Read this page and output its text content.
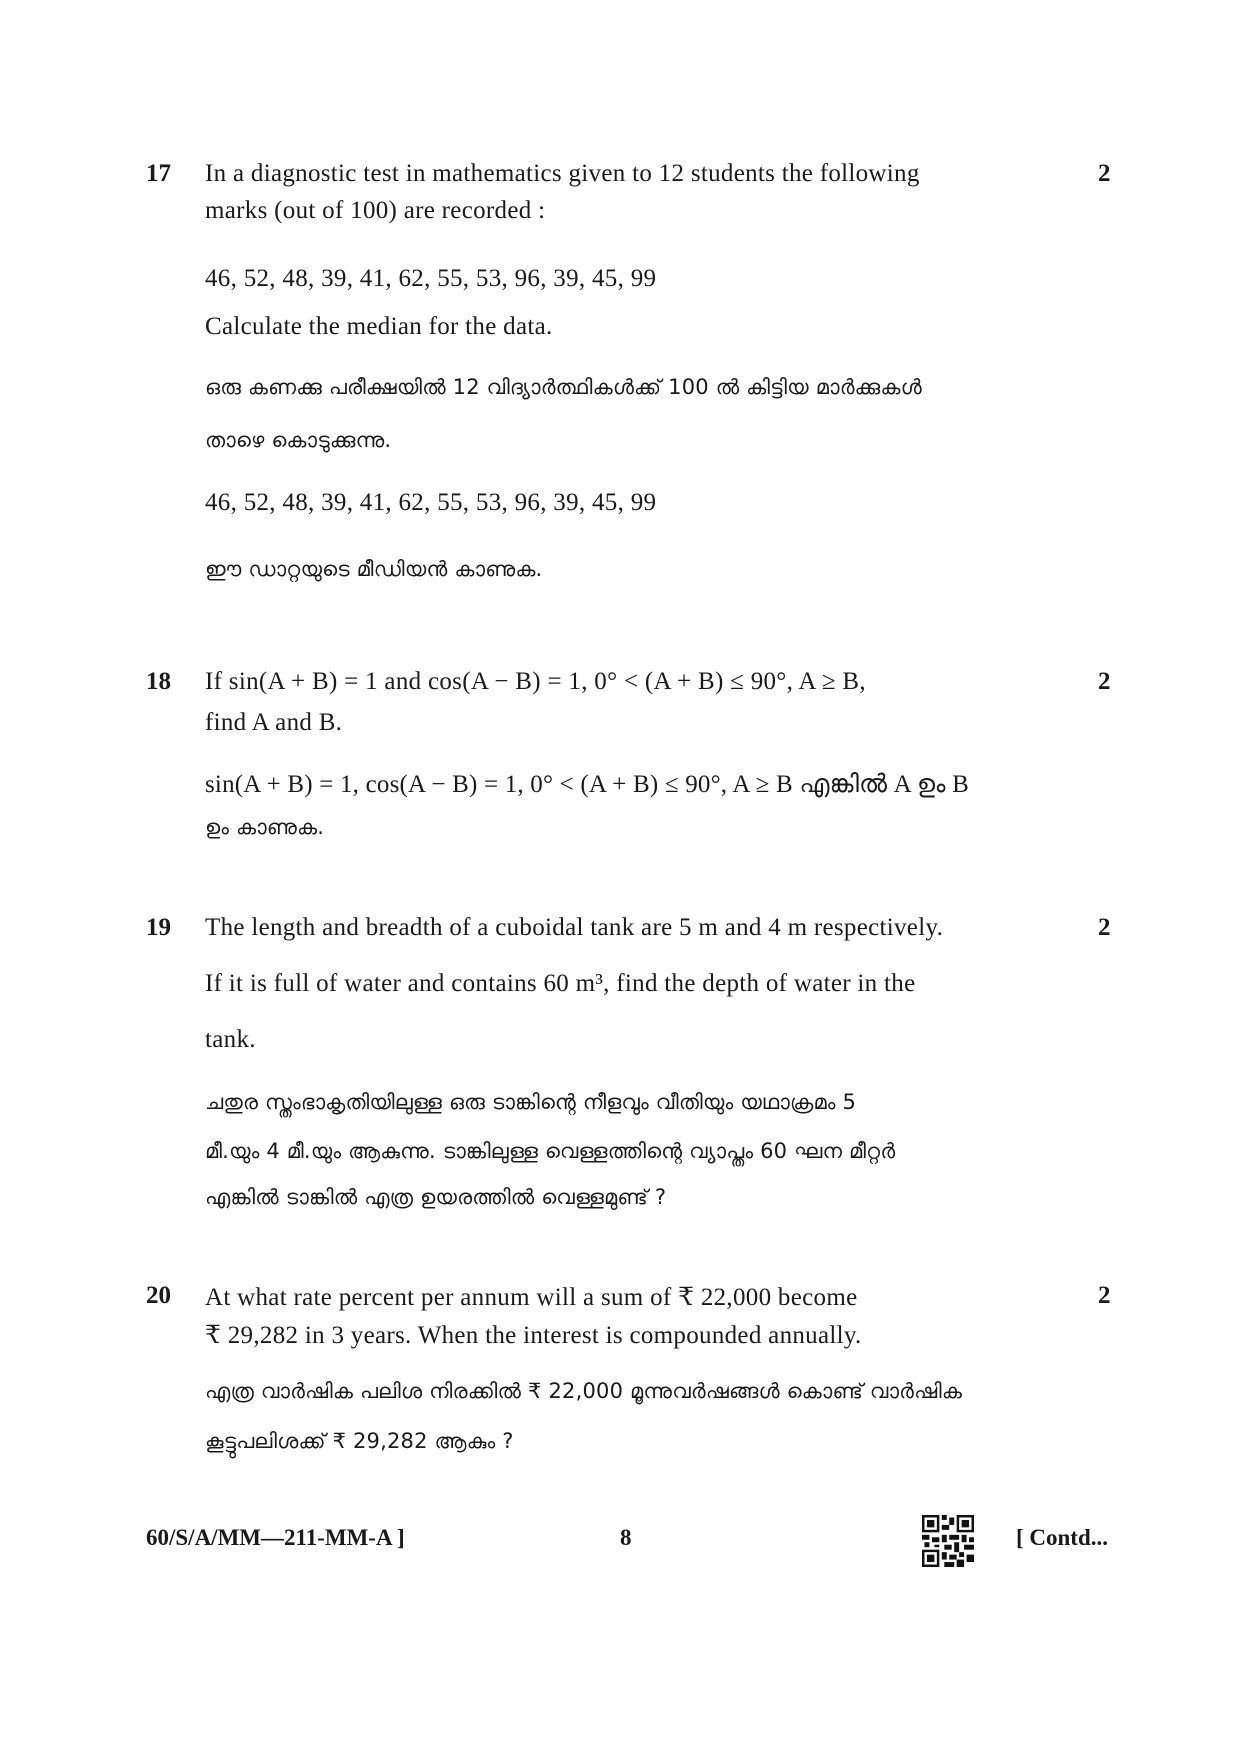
17	2
In a diagnostic test in mathematics given to 12 students the following
marks (out of 100) are recorded :
46, 52, 48, 39, 41, 62, 55, 53, 96, 39, 45, 99
Calculate the median for the data.
ഒരു കണക്കു പരീക്ഷയിൽ 12 വിദ്യാർത്ഥികൾക്ക് 100 ൽ കിട്ടിയ മാർക്കുകൾ
താഴെ കൊടുക്കുന്നു.
46, 52, 48, 39, 41, 62, 55, 53, 96, 39, 45, 99
ഈ ഡാറ്റയുടെ മീഡിയൻ കാണുക.
18	2
If sin(A + B) = 1 and cos(A − B) = 1, 0° < (A + B) ≤ 90°, A ≥ B,
find A and B.
sin(A + B) = 1, cos(A − B) = 1, 0° < (A + B) ≤ 90°, A ≥ B എങ്കിൽ A ഉം B
ഉം കാണുക.
19	2
The length and breadth of a cuboidal tank are 5 m and 4 m respectively.
If it is full of water and contains 60 m³, find the depth of water in the
tank.
ചതുര സ്തംഭാകൃതിയിലുള്ള ഒരു ടാങ്കിന്റെ നീളവും വീതിയും യഥാക്രമം 5
മീ.യും 4 മീ.യും ആകുന്നു. ടാങ്കിലുള്ള വെള്ളത്തിന്റെ വ്യാപ്തം 60 ഘന മീറ്റർ
എങ്കിൽ ടാങ്കിൽ എത്ര ഉയരത്തിൽ വെള്ളമുണ്ട് ?
20	2
At what rate percent per annum will a sum of ₹ 22,000 become
₹ 29,282 in 3 years. When the interest is compounded annually.
എത്ര വാർഷിക പലിശ നിരക്കിൽ ₹ 22,000 മൂന്നുവർഷങ്ങൾ കൊണ്ട് വാർഷിക
കൂട്ടുപലിശക്ക് ₹ 29,282 ആകും ?
60/S/A/MM—211-MM-A ]	8	[ Contd...
